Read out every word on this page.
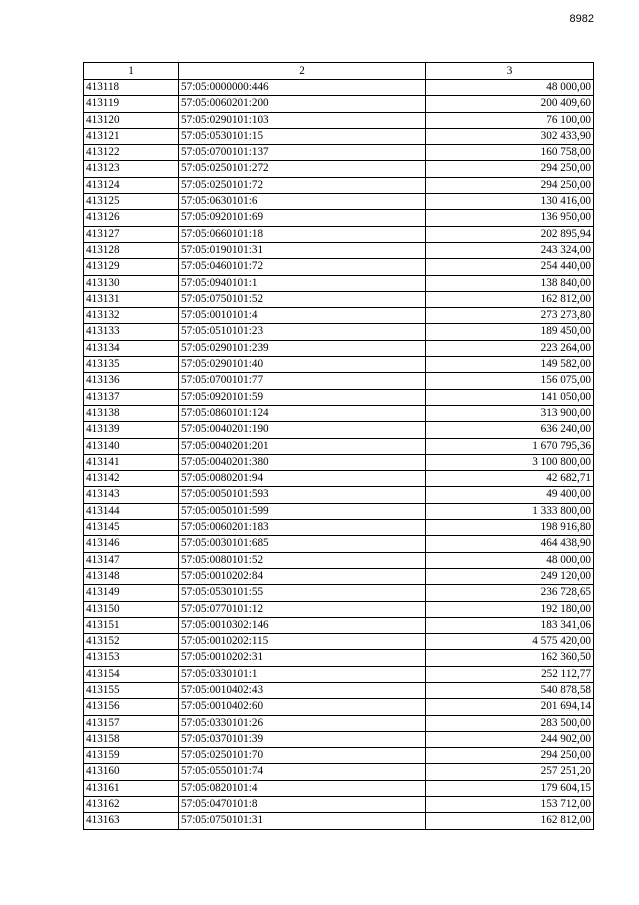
8982
1	2	3
413118	57:05:0000000:446	48 000,00
413119	57:05:0060201:200	200 409,60
413120	57:05:0290101:103	76 100,00
413121	57:05:0530101:15	302 433,90
413122	57:05:0700101:137	160 758,00
413123	57:05:0250101:272	294 250,00
413124	57:05:0250101:72	294 250,00
413125	57:05:0630101:6	130 416,00
413126	57:05:0920101:69	136 950,00
413127	57:05:0660101:18	202 895,94
413128	57:05:0190101:31	243 324,00
413129	57:05:0460101:72	254 440,00
413130	57:05:0940101:1	138 840,00
413131	57:05:0750101:52	162 812,00
413132	57:05:0010101:4	273 273,80
413133	57:05:0510101:23	189 450,00
413134	57:05:0290101:239	223 264,00
413135	57:05:0290101:40	149 582,00
413136	57:05:0700101:77	156 075,00
413137	57:05:0920101:59	141 050,00
413138	57:05:0860101:124	313 900,00
413139	57:05:0040201:190	636 240,00
413140	57:05:0040201:201	1 670 795,36
413141	57:05:0040201:380	3 100 800,00
413142	57:05:0080201:94	42 682,71
413143	57:05:0050101:593	49 400,00
413144	57:05:0050101:599	1 333 800,00
413145	57:05:0060201:183	198 916,80
413146	57:05:0030101:685	464 438,90
413147	57:05:0080101:52	48 000,00
413148	57:05:0010202:84	249 120,00
413149	57:05:0530101:55	236 728,65
413150	57:05:0770101:12	192 180,00
413151	57:05:0010302:146	183 341,06
413152	57:05:0010202:115	4 575 420,00
413153	57:05:0010202:31	162 360,50
413154	57:05:0330101:1	252 112,77
413155	57:05:0010402:43	540 878,58
413156	57:05:0010402:60	201 694,14
413157	57:05:0330101:26	283 500,00
413158	57:05:0370101:39	244 902,00
413159	57:05:0250101:70	294 250,00
413160	57:05:0550101:74	257 251,20
413161	57:05:0820101:4	179 604,15
413162	57:05:0470101:8	153 712,00
413163	57:05:0750101:31	162 812,00
